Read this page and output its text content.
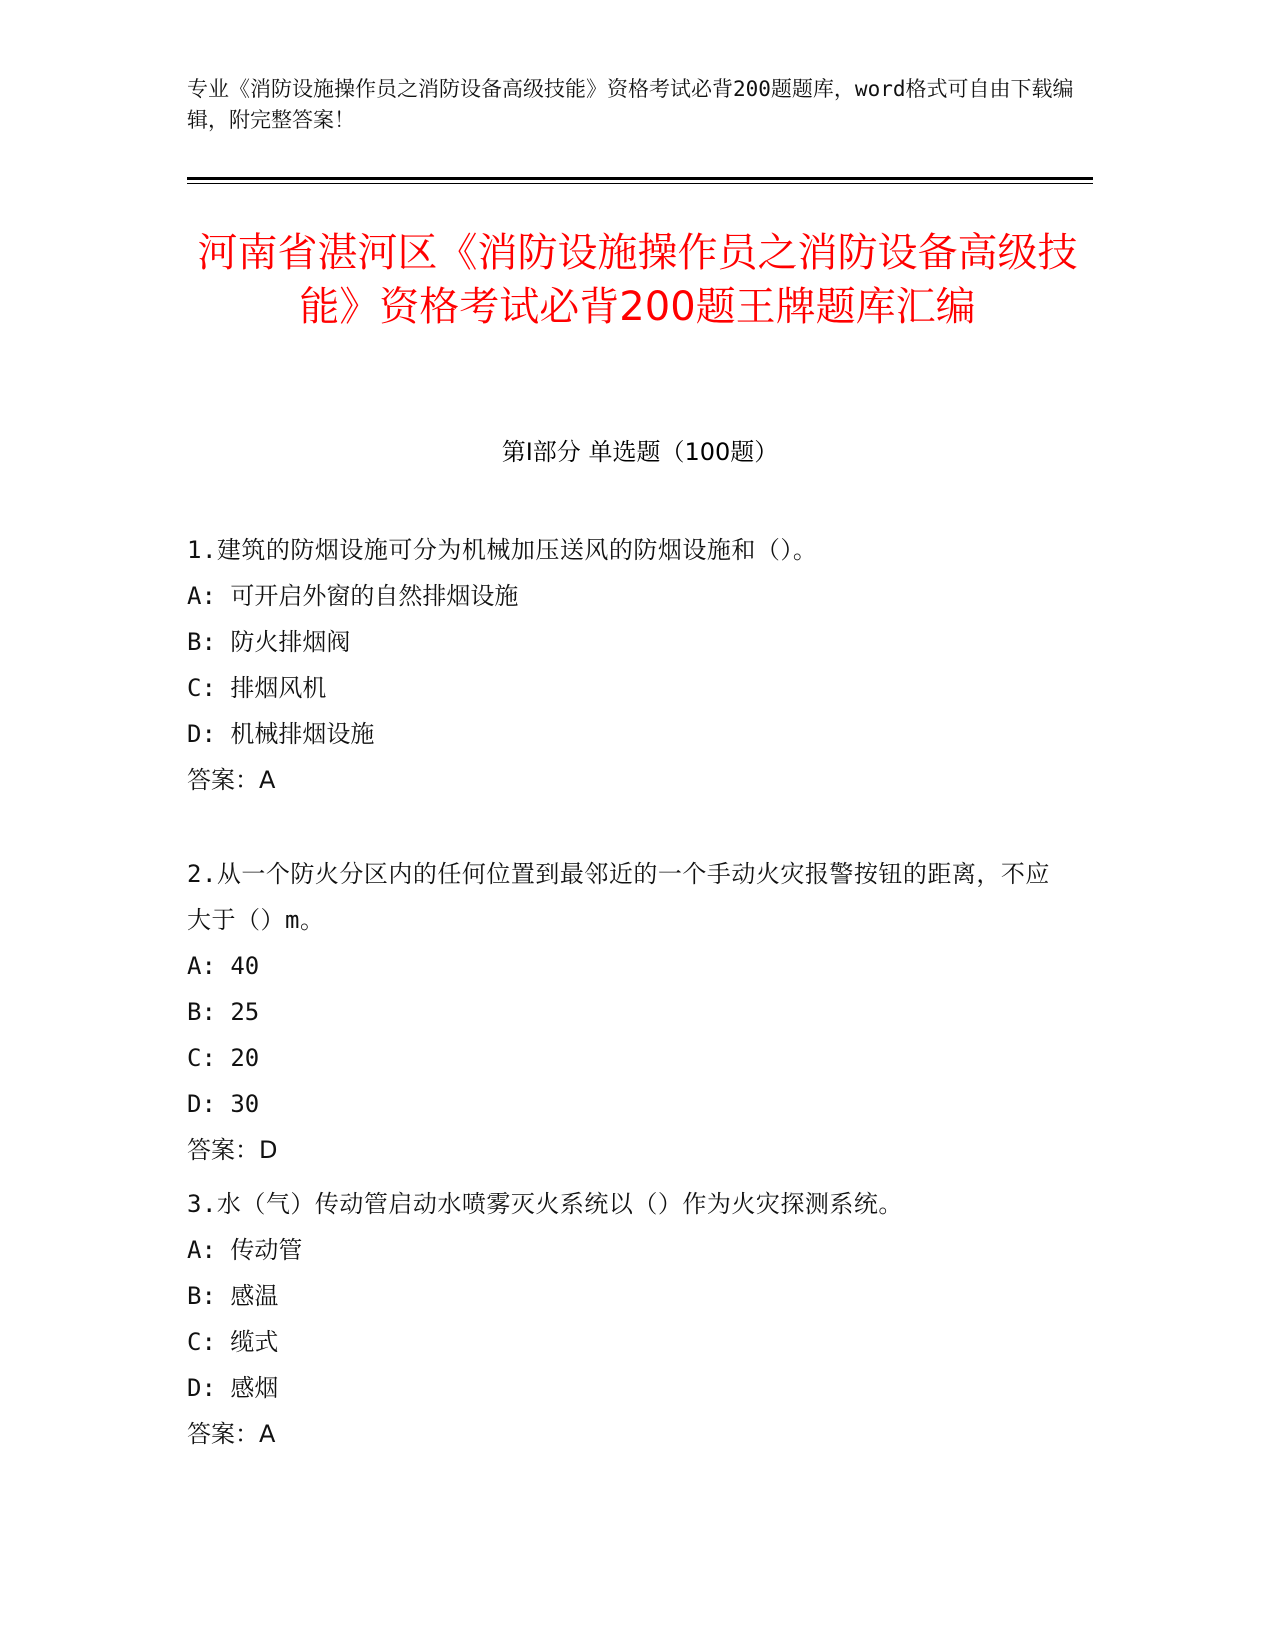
专业《消防设施操作员之消防设备高级技能》资格考试必背200题题库，word格式可自由下载编辑，附完整答案！
河南省湛河区《消防设施操作员之消防设备高级技能》资格考试必背200题王牌题库汇编
第I部分 单选题（100题）
1.建筑的防烟设施可分为机械加压送风的防烟设施和（）。
A: 可开启外窗的自然排烟设施
B: 防火排烟阀
C: 排烟风机
D: 机械排烟设施
答案：A
2.从一个防火分区内的任何位置到最邻近的一个手动火灾报警按钮的距离，不应大于（）m。
A: 40
B: 25
C: 20
D: 30
答案：D
3.水（气）传动管启动水喷雾灭火系统以（）作为火灾探测系统。
A: 传动管
B: 感温
C: 缆式
D: 感烟
答案：A
